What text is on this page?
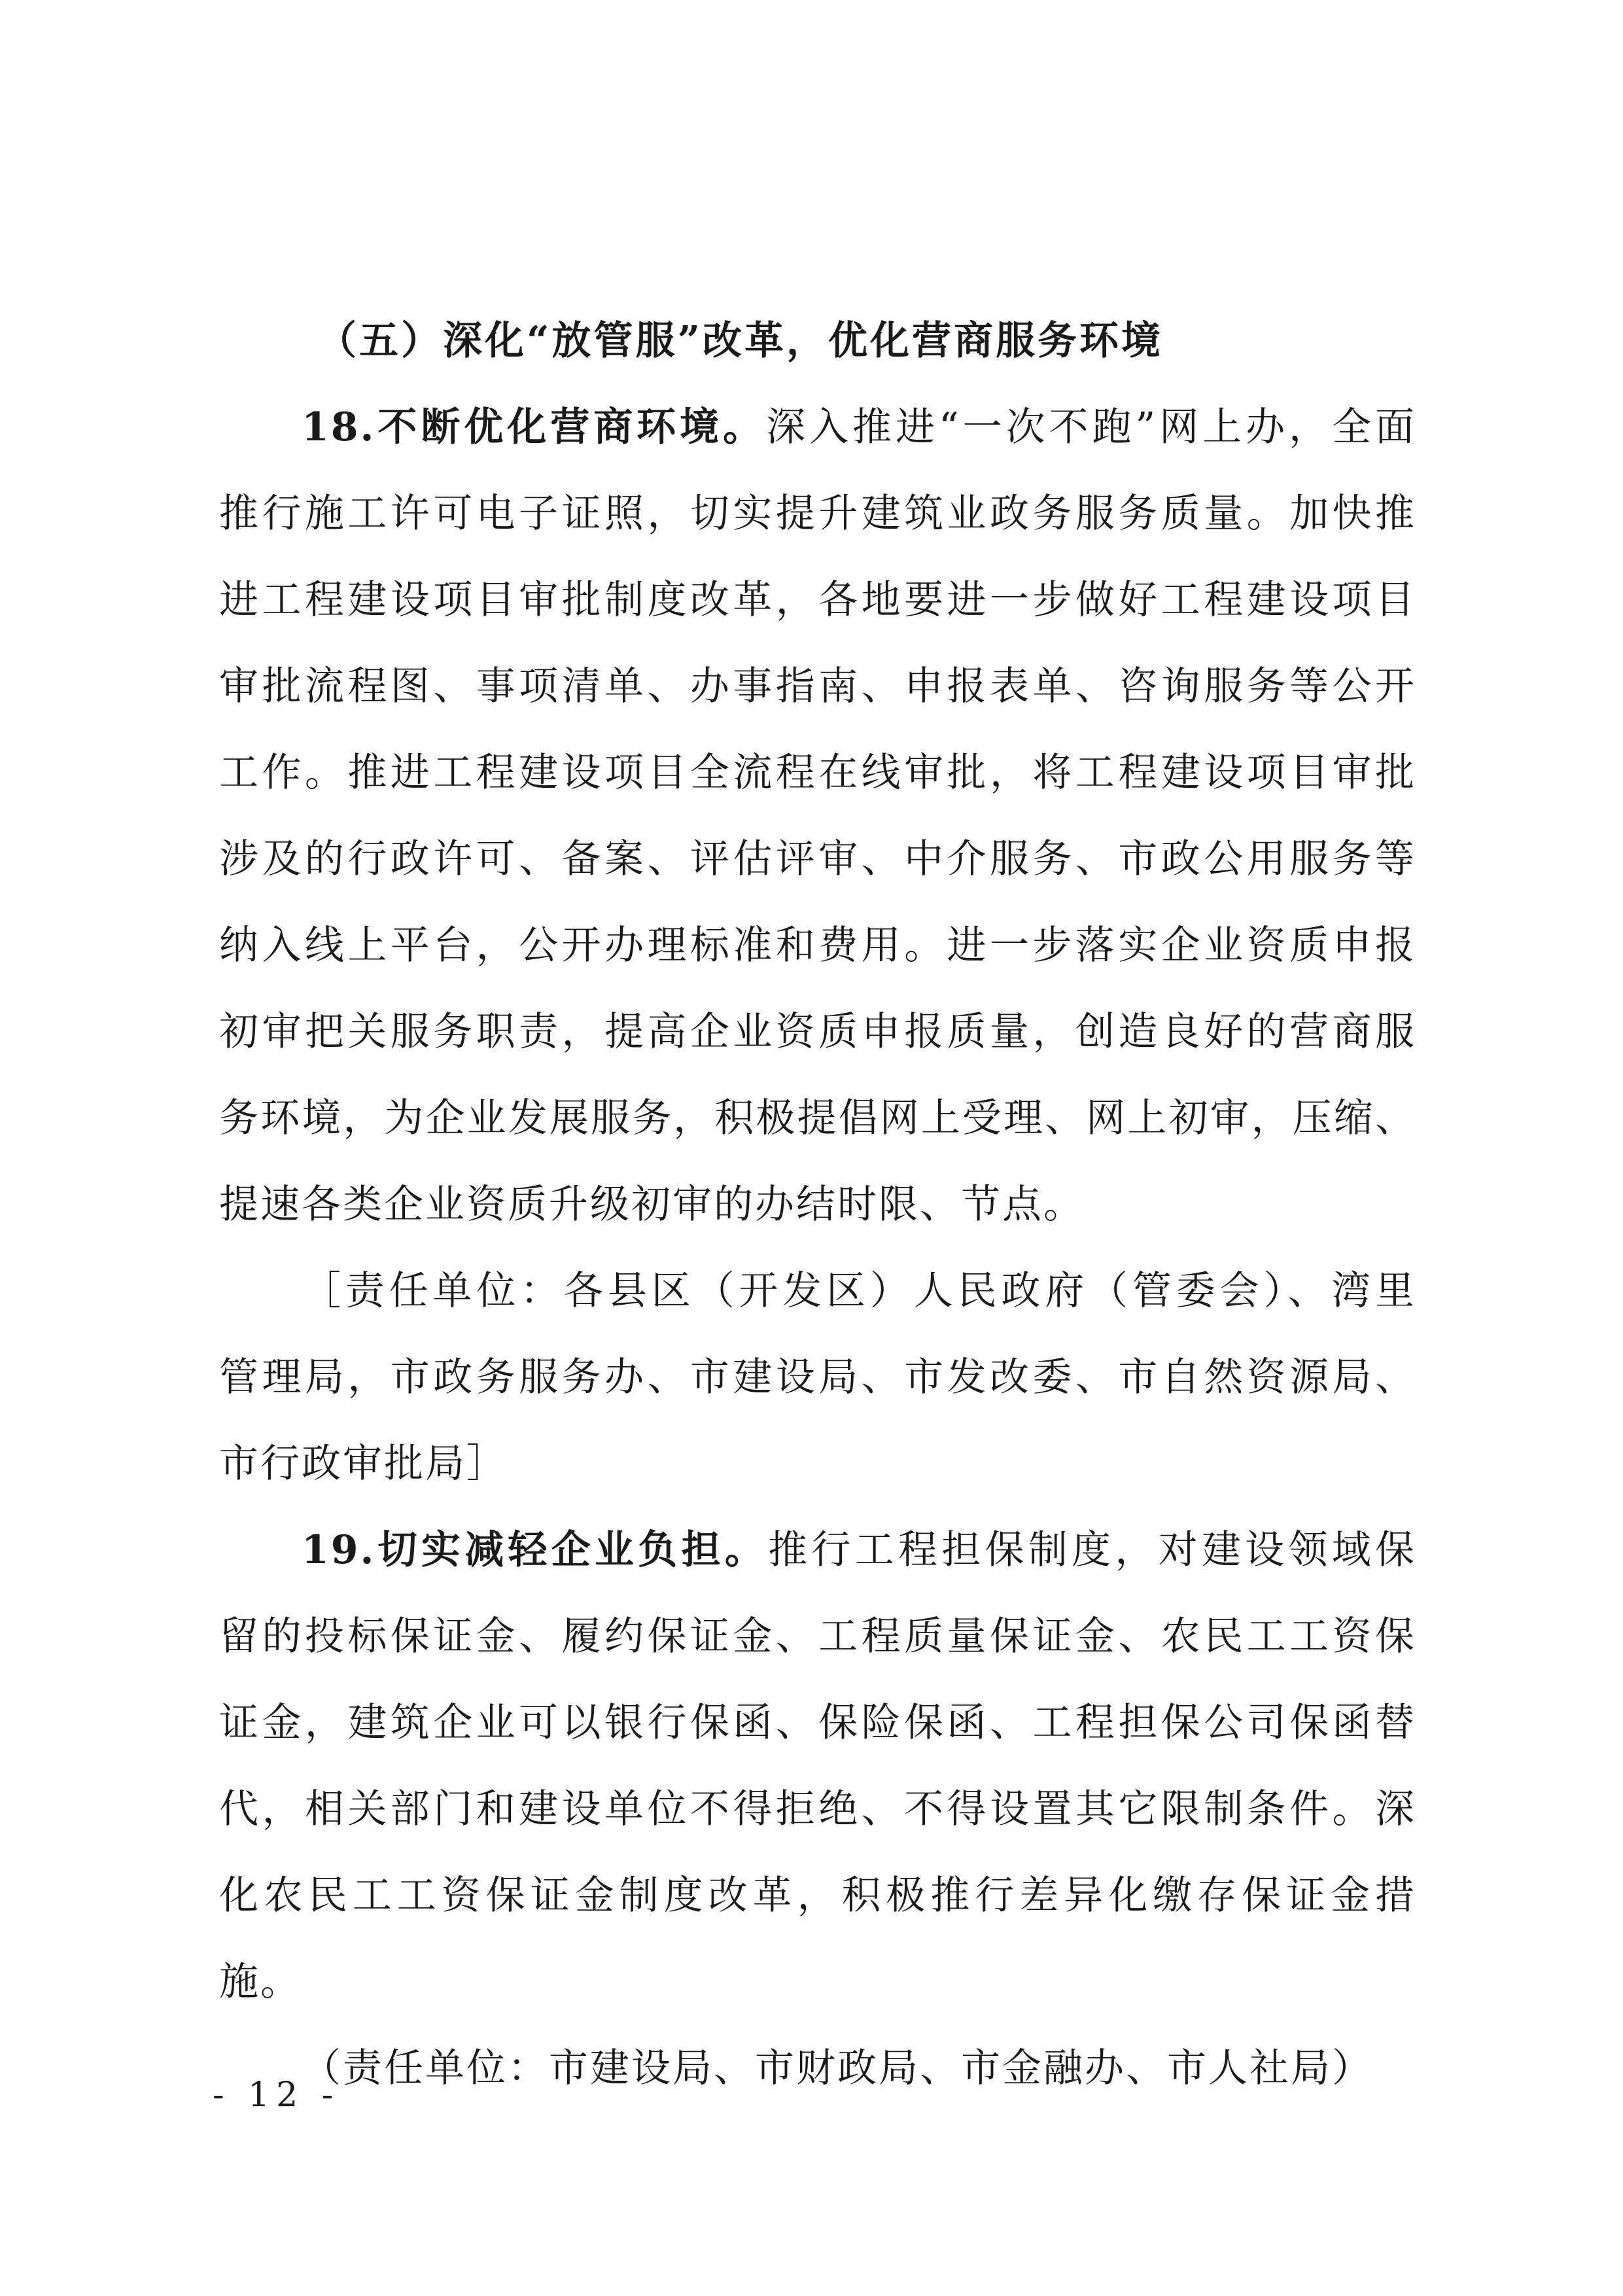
（五）深化“放管服”改革，优化营商服务环境
18.不断优化营商环境。深入推进“一次不跑”网上办，全面
推行施工许可电子证照，切实提升建筑业政务服务质量。加快推
进工程建设项目审批制度改革，各地要进一步做好工程建设项目
审批流程图、事项清单、办事指南、申报表单、咨询服务等公开
工作。推进工程建设项目全流程在线审批，将工程建设项目审批
涉及的行政许可、备案、评估评审、中介服务、市政公用服务等
纳入线上平台，公开办理标准和费用。进一步落实企业资质申报
初审把关服务职责，提高企业资质申报质量，创造良好的营商服
务环境，为企业发展服务，积极提倡网上受理、网上初审，压缩、
提速各类企业资质升级初审的办结时限、节点。
［责任单位：各县区（开发区）人民政府（管委会）、湾里
管理局，市政务服务办、市建设局、市发改委、市自然资源局、
市行政审批局］
19.切实减轻企业负担。推行工程担保制度，对建设领域保
留的投标保证金、履约保证金、工程质量保证金、农民工工资保
证金，建筑企业可以银行保函、保险保函、工程担保公司保函替
代，相关部门和建设单位不得拒绝、不得设置其它限制条件。深
化农民工工资保证金制度改革，积极推行差异化缴存保证金措
施。
（责任单位：市建设局、市财政局、市金融办、市人社局）
- 12 -
